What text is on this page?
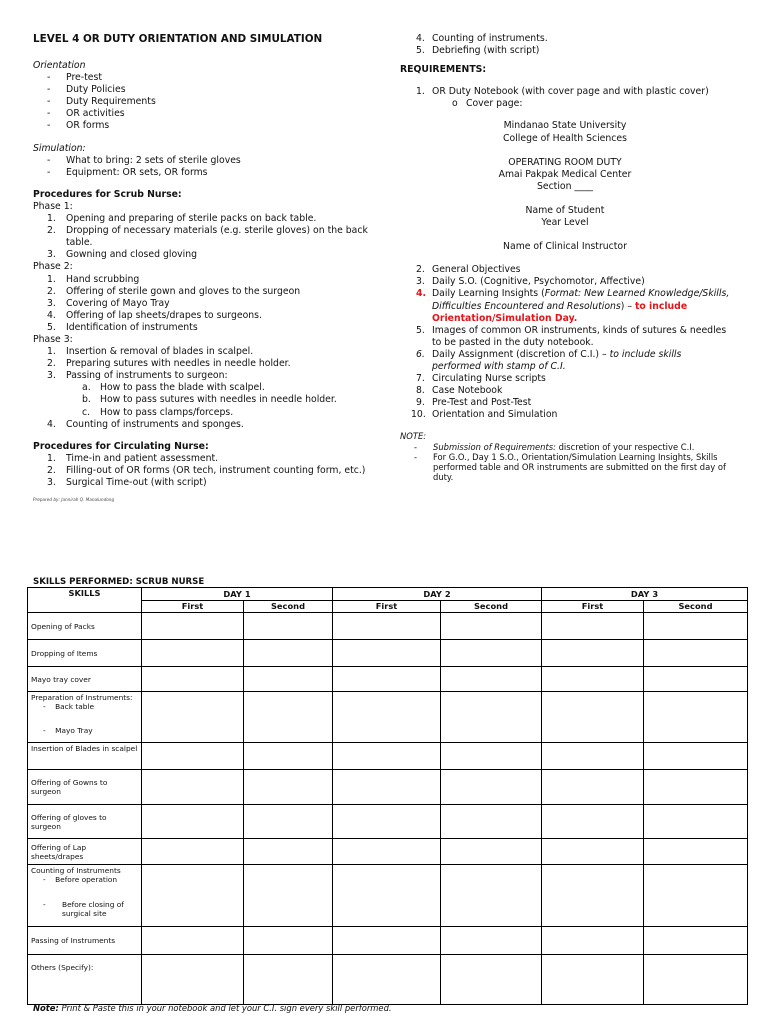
LEVEL 4 OR DUTY ORIENTATION AND SIMULATION
Orientation
- Pre-test
- Duty Policies
- Duty Requirements
- OR activities
- OR forms
Simulation:
- What to bring: 2 sets of sterile gloves
- Equipment: OR sets, OR forms
Procedures for Scrub Nurse:
Phase 1:
1. Opening and preparing of sterile packs on back table.
2. Dropping of necessary materials (e.g. sterile gloves) on the back table.
3. Gowning and closed gloving
Phase 2:
1. Hand scrubbing
2. Offering of sterile gown and gloves to the surgeon
3. Covering of Mayo Tray
4. Offering of lap sheets/drapes to surgeons.
5. Identification of instruments
Phase 3:
1. Insertion & removal of blades in scalpel.
2. Preparing sutures with needles in needle holder.
3. Passing of instruments to surgeon:
a. How to pass the blade with scalpel.
b. How to pass sutures with needles in needle holder.
c. How to pass clamps/forceps.
4. Counting of instruments and sponges.
Procedures for Circulating Nurse:
1. Time-in and patient assessment.
2. Filling-out of OR forms (OR tech, instrument counting form, etc.)
3. Surgical Time-out (with script)
Prepared by: Jannirah Q. Manalundong
4. Counting of instruments.
5. Debriefing (with script)
REQUIREMENTS:
1. OR Duty Notebook (with cover page and with plastic cover)
o Cover page:
Mindanao State University
College of Health Sciences
OPERATING ROOM DUTY
Amai Pakpak Medical Center
Section ____
Name of Student
Year Level
Name of Clinical Instructor
2. General Objectives
3. Daily S.O. (Cognitive, Psychomotor, Affective)
4. Daily Learning Insights (Format: New Learned Knowledge/Skills, Difficulties Encountered and Resolutions) – to include Orientation/Simulation Day.
5. Images of common OR instruments, kinds of sutures & needles to be pasted in the duty notebook.
6. Daily Assignment (discretion of C.I.) – to include skills performed with stamp of C.I.
7. Circulating Nurse scripts
8. Case Notebook
9. Pre-Test and Post-Test
10. Orientation and Simulation
NOTE:
- Submission of Requirements: discretion of your respective C.I.
- For G.O., Day 1 S.O., Orientation/Simulation Learning Insights, Skills performed table and OR instruments are submitted on the first day of duty.
SKILLS PERFORMED: SCRUB NURSE
SKILLS	DAY 1		DAY 2		DAY 3	
	First	Second	First	Second	First	Second
Opening of Packs						
Dropping of Items						
Mayo tray cover						

Preparation of Instruments:
-    Back table
-    Mayo Tray						

Insertion of Blades in scalpel						
Offering of Gowns to surgeon						
Offering of gloves to surgeon						
Offering of Lap sheets/drapes						

Counting of Instruments
-    Before operation
- Before closing of surgical site						

Passing of Instruments						
Others (Specify):						
Note: Print & Paste this in your notebook and let your C.I. sign every skill performed.
